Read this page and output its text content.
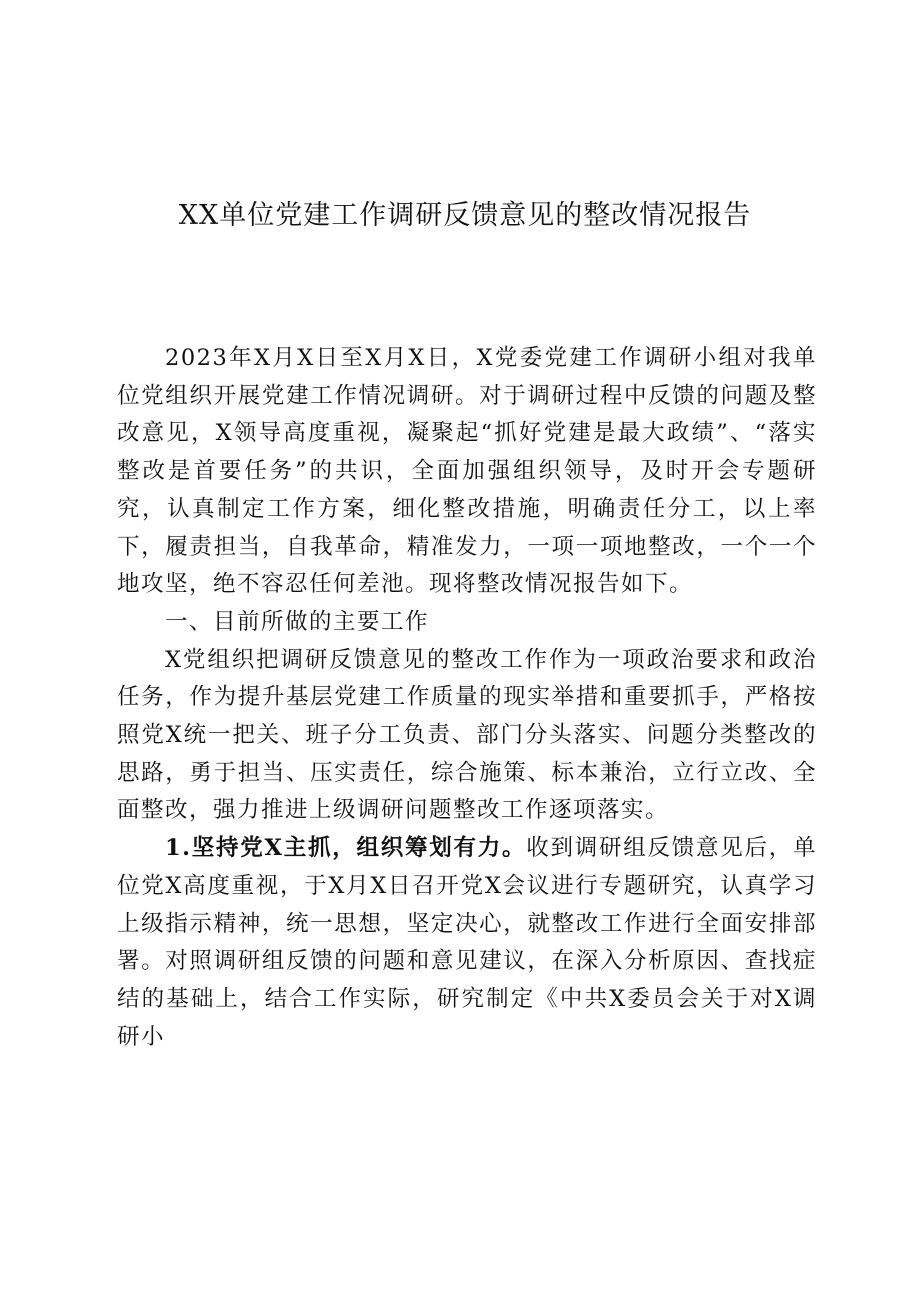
XX单位党建工作调研反馈意见的整改情况报告

2023年X月X日至X月X日，X党委党建工作调研小组对我单位党组织开展党建工作情况调研。对于调研过程中反馈的问题及整改意见，X领导高度重视，凝聚起“抓好党建是最大政绩”、“落实整改是首要任务”的共识，全面加强组织领导，及时开会专题研究，认真制定工作方案，细化整改措施，明确责任分工，以上率下，履责担当，自我革命，精准发力，一项一项地整改，一个一个地攻坚，绝不容忍任何差池。现将整改情况报告如下。

一、目前所做的主要工作

X党组织把调研反馈意见的整改工作作为一项政治要求和政治任务，作为提升基层党建工作质量的现实举措和重要抓手，严格按照党X统一把关、班子分工负责、部门分头落实、问题分类整改的思路，勇于担当、压实责任，综合施策、标本兼治，立行立改、全面整改，强力推进上级调研问题整改工作逐项落实。

1.坚持党X主抓，组织筹划有力。收到调研组反馈意见后，单位党X高度重视，于X月X日召开党X会议进行专题研究，认真学习上级指示精神，统一思想，坚定决心，就整改工作进行全面安排部署。对照调研组反馈的问题和意见建议，在深入分析原因、查找症结的基础上，结合工作实际，研究制定《中共X委员会关于对X调研小
